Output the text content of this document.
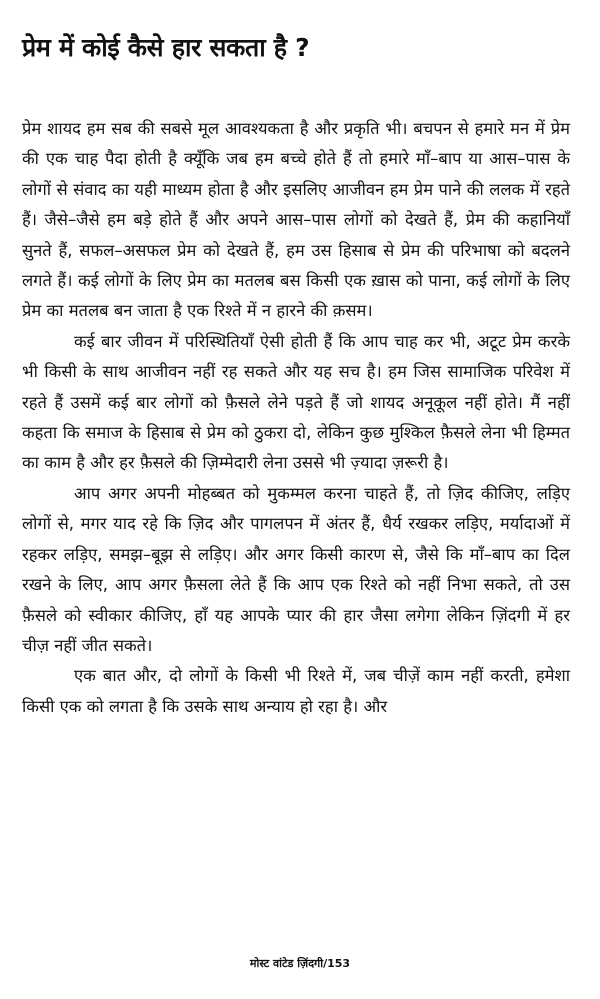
प्रेम में कोई कैसे हार सकता है ?

प्रेम शायद हम सब की सबसे मूल आवश्यकता है और प्रकृति भी। बचपन से हमारे मन में प्रेम की एक चाह पैदा होती है क्यूँकि जब हम बच्चे होते हैं तो हमारे माँ–बाप या आस–पास के लोगों से संवाद का यही माध्यम होता है और इसलिए आजीवन हम प्रेम पाने की ललक में रहते हैं। जैसे–जैसे हम बड़े होते हैं और अपने आस–पास लोगों को देखते हैं, प्रेम की कहानियाँ सुनते हैं, सफल–असफल प्रेम को देखते हैं, हम उस हिसाब से प्रेम की परिभाषा को बदलने लगते हैं। कई लोगों के लिए प्रेम का मतलब बस किसी एक ख़ास को पाना, कई लोगों के लिए प्रेम का मतलब बन जाता है एक रिश्ते में न हारने की क़सम।

कई बार जीवन में परिस्थितियाँ ऐसी होती हैं कि आप चाह कर भी, अटूट प्रेम करके भी किसी के साथ आजीवन नहीं रह सकते और यह सच है। हम जिस सामाजिक परिवेश में रहते हैं उसमें कई बार लोगों को फ़ैसले लेने पड़ते हैं जो शायद अनूकूल नहीं होते। मैं नहीं कहता कि समाज के हिसाब से प्रेम को ठुकरा दो, लेकिन कुछ मुश्किल फ़ैसले लेना भी हिम्मत का काम है और हर फ़ैसले की ज़िम्मेदारी लेना उससे भी ज़्यादा ज़रूरी है।

आप अगर अपनी मोहब्बत को मुकम्मल करना चाहते हैं, तो ज़िद कीजिए, लड़िए लोगों से, मगर याद रहे कि ज़िद और पागलपन में अंतर हैं, धैर्य रखकर लड़िए, मर्यादाओं में रहकर लड़िए, समझ–बूझ से लड़िए। और अगर किसी कारण से, जैसे कि माँ–बाप का दिल रखने के लिए, आप अगर फ़ैसला लेते हैं कि आप एक रिश्ते को नहीं निभा सकते, तो उस फ़ैसले को स्वीकार कीजिए, हाँ यह आपके प्यार की हार जैसा लगेगा लेकिन ज़िंदगी में हर चीज़ नहीं जीत सकते।

एक बात और, दो लोगों के किसी भी रिश्ते में, जब चीज़ें काम नहीं करती, हमेशा किसी एक को लगता है कि उसके साथ अन्याय हो रहा है। और

मोस्ट वांटेड ज़िंदगी/153
